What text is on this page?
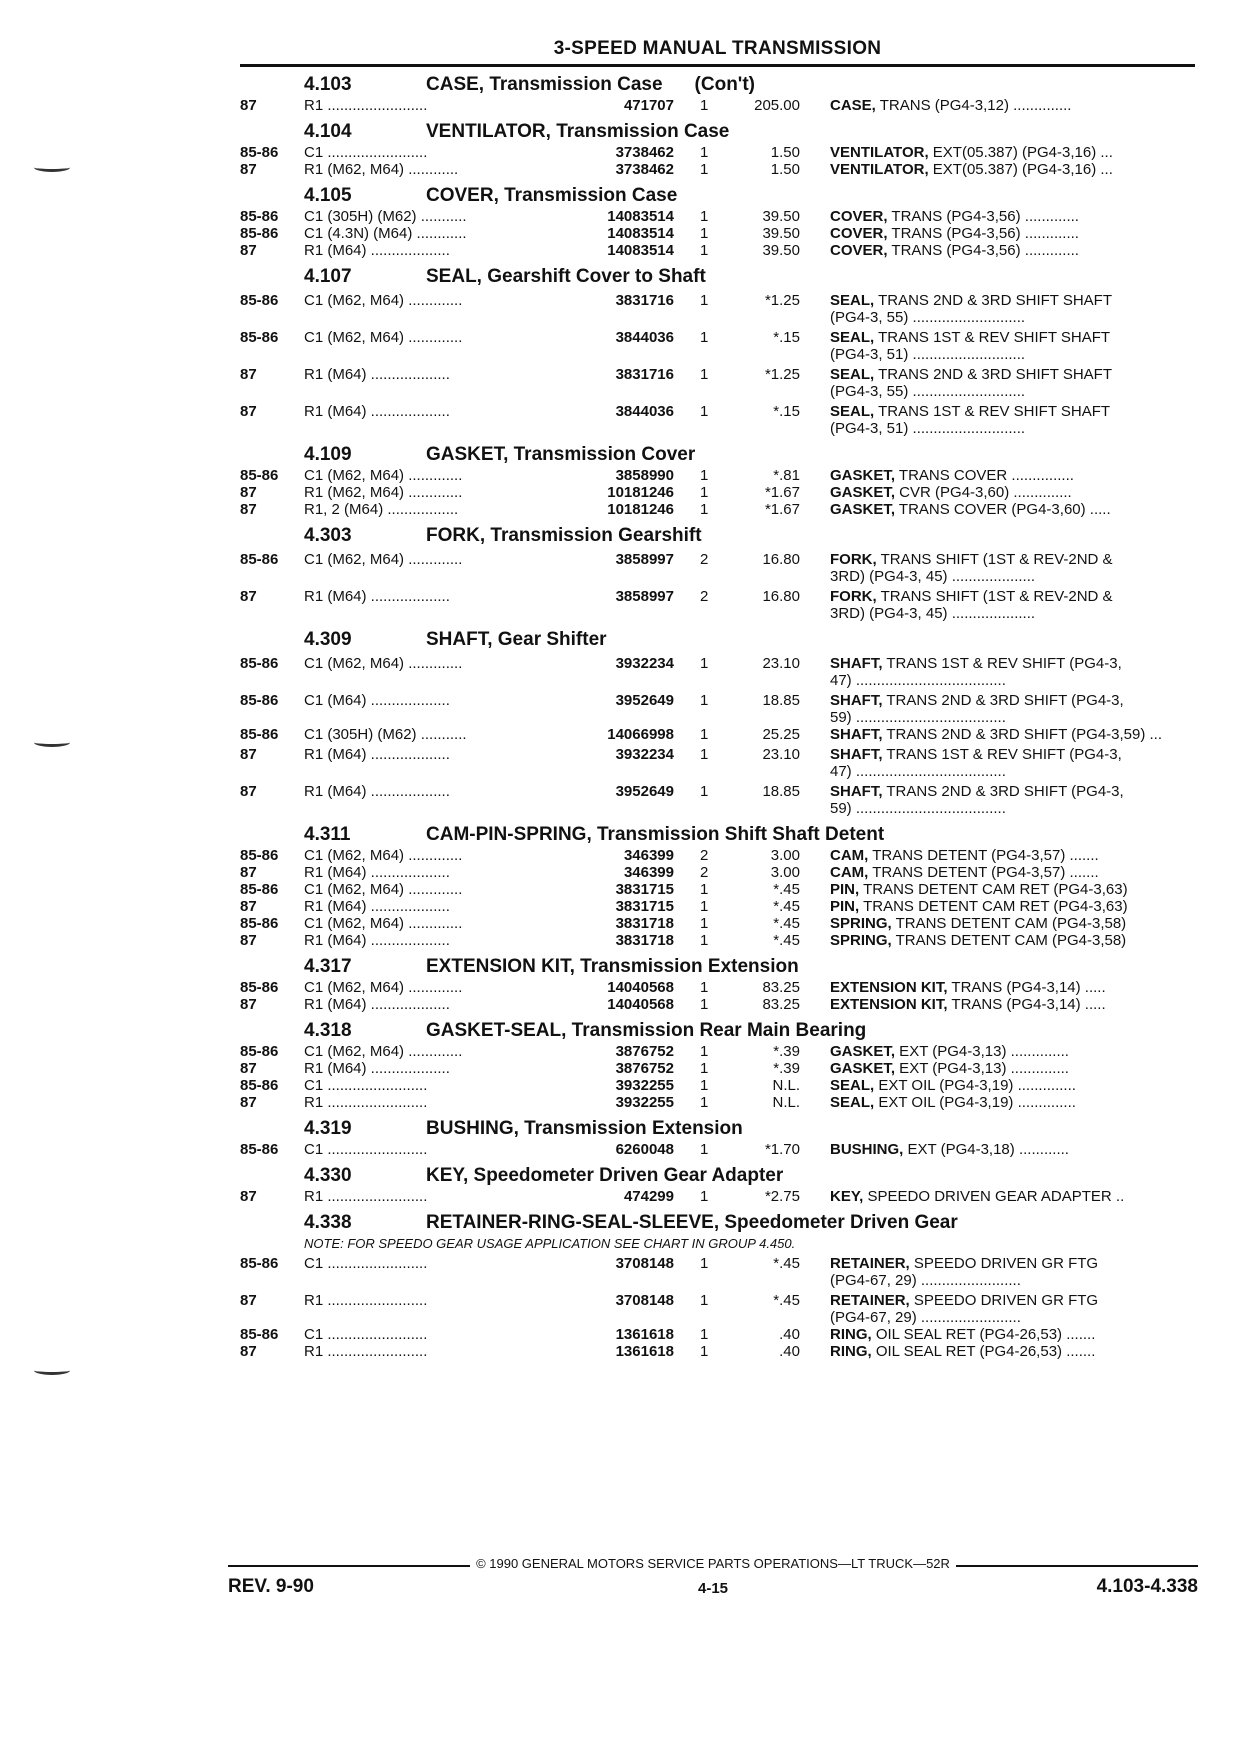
3-SPEED MANUAL TRANSMISSION
4.103	CASE, Transmission Case (Con't)
87	R1 ........................	471707 1	205.00 CASE, TRANS (PG4-3,12) ..............
4.104	VENTILATOR, Transmission Case
85-86 C1 ........................	3738462 1	1.50 VENTILATOR, EXT(05.387) (PG4-3,16) ...
87	R1 (M62, M64) ............	3738462 1	1.50 VENTILATOR, EXT(05.387) (PG4-3,16) ...
4.105	COVER, Transmission Case
85-86 C1 (305H) (M62) ...........	14083514 1	39.50 COVER, TRANS (PG4-3,56) .............
85-86 C1 (4.3N) (M64) ............	14083514 1	39.50 COVER, TRANS (PG4-3,56) .............
87	R1 (M64) ...................	14083514 1	39.50 COVER, TRANS (PG4-3,56) .............
4.107	SEAL, Gearshift Cover to Shaft
85-86 C1 (M62, M64) .............	3831716 1	*1.25 SEAL, TRANS 2ND & 3RD SHIFT SHAFT
(PG4-3, 55) ...........................
85-86 C1 (M62, M64) .............	3844036 1	*.15 SEAL, TRANS 1ST & REV SHIFT SHAFT
(PG4-3, 51) ...........................
87	R1 (M64) ...................	3831716 1	*1.25 SEAL, TRANS 2ND & 3RD SHIFT SHAFT
(PG4-3, 55) ...........................
87	R1 (M64) ...................	3844036 1	*.15 SEAL, TRANS 1ST & REV SHIFT SHAFT
(PG4-3, 51) ...........................
4.109	GASKET, Transmission Cover
85-86 C1 (M62, M64) .............	3858990 1	*.81 GASKET, TRANS COVER ...............
87	R1 (M62, M64) .............	10181246 1	*1.67 GASKET, CVR (PG4-3,60) ..............
87	R1, 2 (M64) .................	10181246 1	*1.67 GASKET, TRANS COVER (PG4-3,60) .....
4.303	FORK, Transmission Gearshift
85-86 C1 (M62, M64) .............	3858997 2	16.80 FORK, TRANS SHIFT (1ST & REV-2ND &
3RD) (PG4-3, 45) ....................
87	R1 (M64) ...................	3858997 2	16.80 FORK, TRANS SHIFT (1ST & REV-2ND &
3RD) (PG4-3, 45) ....................
4.309	SHAFT, Gear Shifter
85-86 C1 (M62, M64) .............	3932234 1	23.10 SHAFT, TRANS 1ST & REV SHIFT (PG4-3,
47) ....................................
85-86 C1 (M64) ...................	3952649 1	18.85 SHAFT, TRANS 2ND & 3RD SHIFT (PG4-3,
59) ....................................
85-86 C1 (305H) (M62) ...........	14066998 1	25.25 SHAFT, TRANS 2ND & 3RD SHIFT (PG4-3,59) ...
87	R1 (M64) ...................	3932234 1	23.10 SHAFT, TRANS 1ST & REV SHIFT (PG4-3,
47) ....................................
87	R1 (M64) ...................	3952649 1	18.85 SHAFT, TRANS 2ND & 3RD SHIFT (PG4-3,
59) ....................................
4.311	CAM-PIN-SPRING, Transmission Shift Shaft Detent
85-86 C1 (M62, M64) .............	346399 2	3.00 CAM, TRANS DETENT (PG4-3,57) .......
87	R1 (M64) ...................	346399 2	3.00 CAM, TRANS DETENT (PG4-3,57) .......
85-86 C1 (M62, M64) .............	3831715 1	*.45 PIN, TRANS DETENT CAM RET (PG4-3,63)
87	R1 (M64) ...................	3831715 1	*.45 PIN, TRANS DETENT CAM RET (PG4-3,63)
85-86 C1 (M62, M64) .............	3831718 1	*.45 SPRING, TRANS DETENT CAM (PG4-3,58)
87	R1 (M64) ...................	3831718 1	*.45 SPRING, TRANS DETENT CAM (PG4-3,58)
4.317	EXTENSION KIT, Transmission Extension
85-86 C1 (M62, M64) .............	14040568 1	83.25 EXTENSION KIT, TRANS (PG4-3,14) .....
87	R1 (M64) ...................	14040568 1	83.25 EXTENSION KIT, TRANS (PG4-3,14) .....
4.318	GASKET-SEAL, Transmission Rear Main Bearing
85-86 C1 (M62, M64) .............	3876752 1	*.39 GASKET, EXT (PG4-3,13) ..............
87	R1 (M64) ...................	3876752 1	*.39 GASKET, EXT (PG4-3,13) ..............
85-86 C1 ........................	3932255 1	N.L. SEAL, EXT OIL (PG4-3,19) ..............
87	R1 ........................	3932255 1	N.L. SEAL, EXT OIL (PG4-3,19) ..............
4.319	BUSHING, Transmission Extension
85-86 C1 ........................	6260048 1	*1.70 BUSHING, EXT (PG4-3,18) ............
4.330	KEY, Speedometer Driven Gear Adapter
87	R1 ........................	474299 1	*2.75 KEY, SPEEDO DRIVEN GEAR ADAPTER ..
4.338	RETAINER-RING-SEAL-SLEEVE, Speedometer Driven Gear
NOTE: FOR SPEEDO GEAR USAGE APPLICATION SEE CHART IN GROUP 4.450.
85-86 C1 ........................	3708148 1	*.45 RETAINER, SPEEDO DRIVEN GR FTG
(PG4-67, 29) ........................
87	R1 ........................	3708148 1	*.45 RETAINER, SPEEDO DRIVEN GR FTG
(PG4-67, 29) ........................
85-86 C1 ........................	1361618 1	.40 RING, OIL SEAL RET (PG4-26,53) .......
87	R1 ........................	1361618 1	.40 RING, OIL SEAL RET (PG4-26,53) .......
© 1990 GENERAL MOTORS SERVICE PARTS OPERATIONS—LT TRUCK—52R
REV. 9-90	4-15	4.103-4.338
